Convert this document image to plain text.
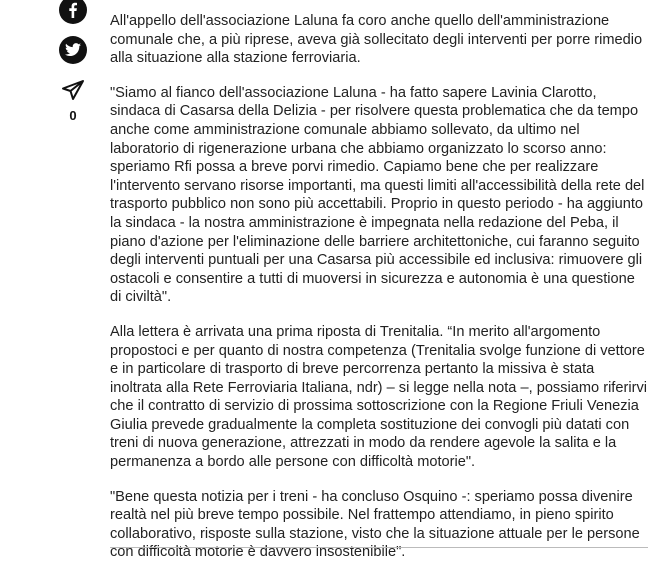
0

All'appello dell'associazione Laluna fa coro anche quello dell'amministrazione comunale che, a più riprese, aveva già sollecitato degli interventi per porre rimedio alla situazione alla stazione ferroviaria.

"Siamo al fianco dell'associazione Laluna - ha fatto sapere Lavinia Clarotto, sindaca di Casarsa della Delizia - per risolvere questa problematica che da tempo anche come amministrazione comunale abbiamo sollevato, da ultimo nel laboratorio di rigenerazione urbana che abbiamo organizzato lo scorso anno: speriamo Rfi possa a breve porvi rimedio. Capiamo bene che per realizzare l'intervento servano risorse importanti, ma questi limiti all'accessibilità della rete del trasporto pubblico non sono più accettabili. Proprio in questo periodo - ha aggiunto la sindaca - la nostra amministrazione è impegnata nella redazione del Peba, il piano d'azione per l'eliminazione delle barriere architettoniche, cui faranno seguito degli interventi puntuali per una Casarsa più accessibile ed inclusiva: rimuovere gli ostacoli e consentire a tutti di muoversi in sicurezza e autonomia è una questione di civiltà".

Alla lettera è arrivata una prima riposta di Trenitalia. “In merito all'argomento propostoci e per quanto di nostra competenza (Trenitalia svolge funzione di vettore e in particolare di trasporto di breve percorrenza pertanto la missiva è stata inoltrata alla Rete Ferroviaria Italiana, ndr) – si legge nella nota –, possiamo riferirvi che il contratto di servizio di prossima sottoscrizione con la Regione Friuli Venezia Giulia prevede gradualmente la completa sostituzione dei convogli più datati con treni di nuova generazione, attrezzati in modo da rendere agevole la salita e la permanenza a bordo alle persone con difficoltà motorie".

"Bene questa notizia per i treni - ha concluso Osquino -: speriamo possa divenire realtà nel più breve tempo possibile. Nel frattempo attendiamo, in pieno spirito collaborativo, risposte sulla stazione, visto che la situazione attuale per le persone con difficoltà motorie è davvero insostenibile".
